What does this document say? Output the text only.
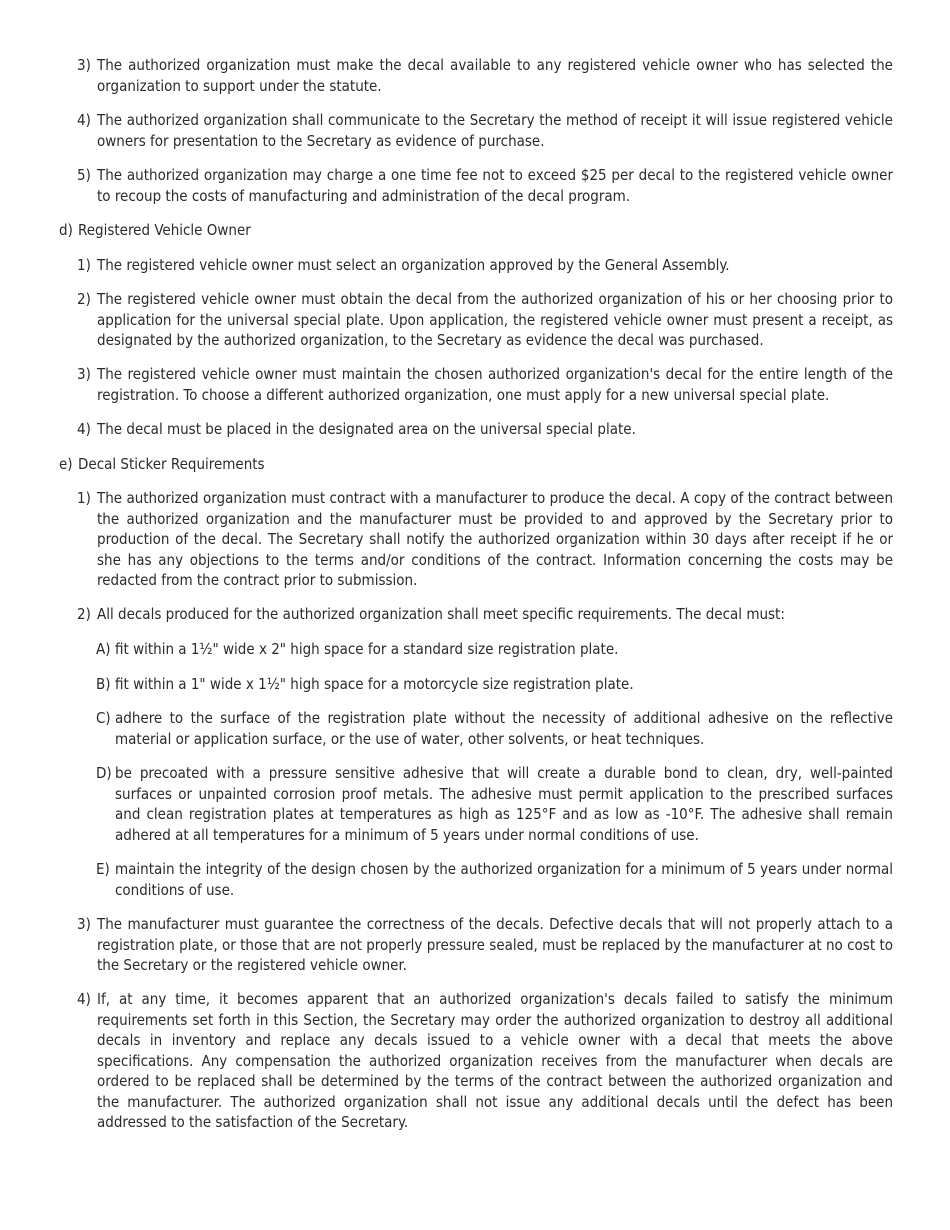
3) The authorized organization must make the decal available to any registered vehicle owner who has selected the organization to support under the statute.
4) The authorized organization shall communicate to the Secretary the method of receipt it will issue registered vehicle owners for presentation to the Secretary as evidence of purchase.
5) The authorized organization may charge a one time fee not to exceed $25 per decal to the registered vehicle owner to recoup the costs of manufacturing and administration of the decal program.
d) Registered Vehicle Owner
1) The registered vehicle owner must select an organization approved by the General Assembly.
2) The registered vehicle owner must obtain the decal from the authorized organization of his or her choosing prior to application for the universal special plate. Upon application, the registered vehicle owner must present a receipt, as designated by the authorized organization, to the Secretary as evidence the decal was purchased.
3) The registered vehicle owner must maintain the chosen authorized organization's decal for the entire length of the registration. To choose a different authorized organization, one must apply for a new universal special plate.
4) The decal must be placed in the designated area on the universal special plate.
e) Decal Sticker Requirements
1) The authorized organization must contract with a manufacturer to produce the decal. A copy of the contract between the authorized organization and the manufacturer must be provided to and approved by the Secretary prior to production of the decal. The Secretary shall notify the authorized organization within 30 days after receipt if he or she has any objections to the terms and/or conditions of the contract. Information concerning the costs may be redacted from the contract prior to submission.
2) All decals produced for the authorized organization shall meet specific requirements. The decal must:
A) fit within a 1½" wide x 2" high space for a standard size registration plate.
B) fit within a 1" wide x 1½" high space for a motorcycle size registration plate.
C) adhere to the surface of the registration plate without the necessity of additional adhesive on the reflective material or application surface, or the use of water, other solvents, or heat techniques.
D) be precoated with a pressure sensitive adhesive that will create a durable bond to clean, dry, well-painted surfaces or unpainted corrosion proof metals. The adhesive must permit application to the prescribed surfaces and clean registration plates at temperatures as high as 125°F and as low as -10°F. The adhesive shall remain adhered at all temperatures for a minimum of 5 years under normal conditions of use.
E) maintain the integrity of the design chosen by the authorized organization for a minimum of 5 years under normal conditions of use.
3) The manufacturer must guarantee the correctness of the decals. Defective decals that will not properly attach to a registration plate, or those that are not properly pressure sealed, must be replaced by the manufacturer at no cost to the Secretary or the registered vehicle owner.
4) If, at any time, it becomes apparent that an authorized organization's decals failed to satisfy the minimum requirements set forth in this Section, the Secretary may order the authorized organization to destroy all additional decals in inventory and replace any decals issued to a vehicle owner with a decal that meets the above specifications. Any compensation the authorized organization receives from the manufacturer when decals are ordered to be replaced shall be determined by the terms of the contract between the authorized organization and the manufacturer. The authorized organization shall not issue any additional decals until the defect has been addressed to the satisfaction of the Secretary.
